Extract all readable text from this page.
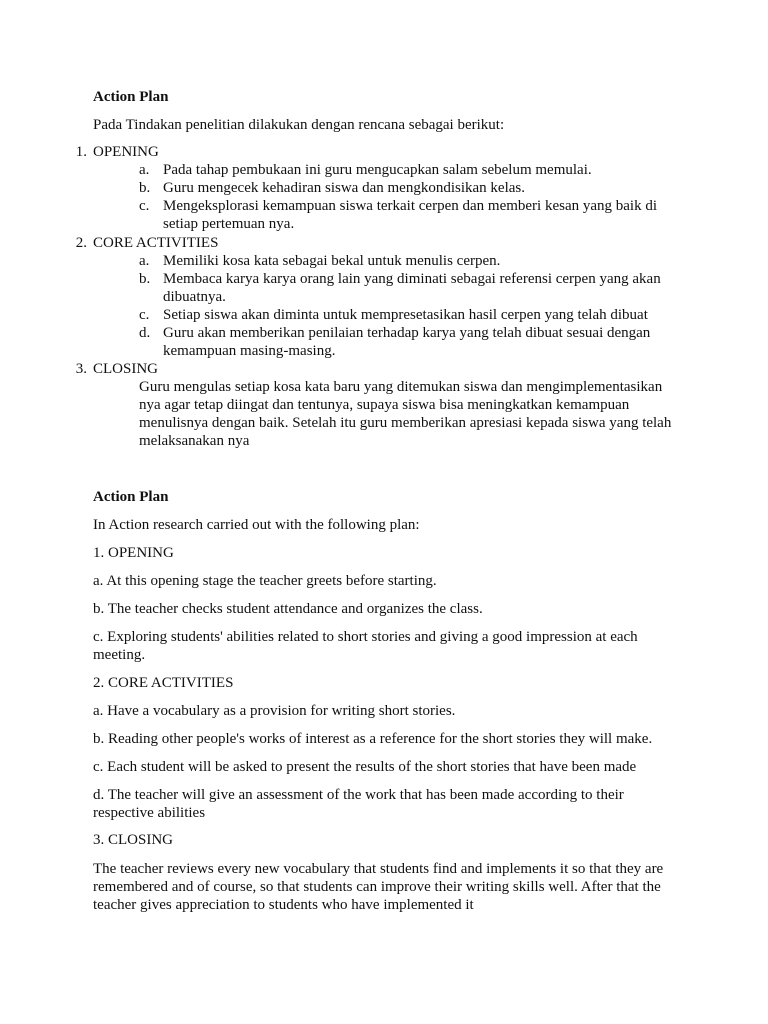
Action Plan

Pada Tindakan penelitian dilakukan dengan rencana sebagai berikut:

1. OPENING
a. Pada tahap pembukaan ini guru mengucapkan salam sebelum memulai.
b. Guru mengecek kehadiran siswa dan mengkondisikan kelas.
c. Mengeksplorasi kemampuan siswa terkait cerpen dan memberi kesan yang baik di setiap pertemuan nya.
2. CORE ACTIVITIES
a. Memiliki kosa kata sebagai bekal untuk menulis cerpen.
b. Membaca karya karya orang lain yang diminati sebagai referensi cerpen yang akan dibuatnya.
c. Setiap siswa akan diminta untuk mempresetasikan hasil cerpen yang telah dibuat
d. Guru akan memberikan penilaian terhadap karya yang telah dibuat sesuai dengan kemampuan masing-masing.
3. CLOSING
Guru mengulas setiap kosa kata baru yang ditemukan siswa dan mengimplementasikan nya agar tetap diingat dan tentunya, supaya siswa bisa meningkatkan kemampuan menulisnya dengan baik. Setelah itu guru memberikan apresiasi kepada siswa yang telah melaksanakan nya

Action Plan

In Action research carried out with the following plan:

1. OPENING
a. At this opening stage the teacher greets before starting.
b. The teacher checks student attendance and organizes the class.
c. Exploring students' abilities related to short stories and giving a good impression at each meeting.
2. CORE ACTIVITIES
a. Have a vocabulary as a provision for writing short stories.
b. Reading other people's works of interest as a reference for the short stories they will make.
c. Each student will be asked to present the results of the short stories that have been made
d. The teacher will give an assessment of the work that has been made according to their respective abilities
3. CLOSING
The teacher reviews every new vocabulary that students find and implements it so that they are remembered and of course, so that students can improve their writing skills well. After that the teacher gives appreciation to students who have implemented it
